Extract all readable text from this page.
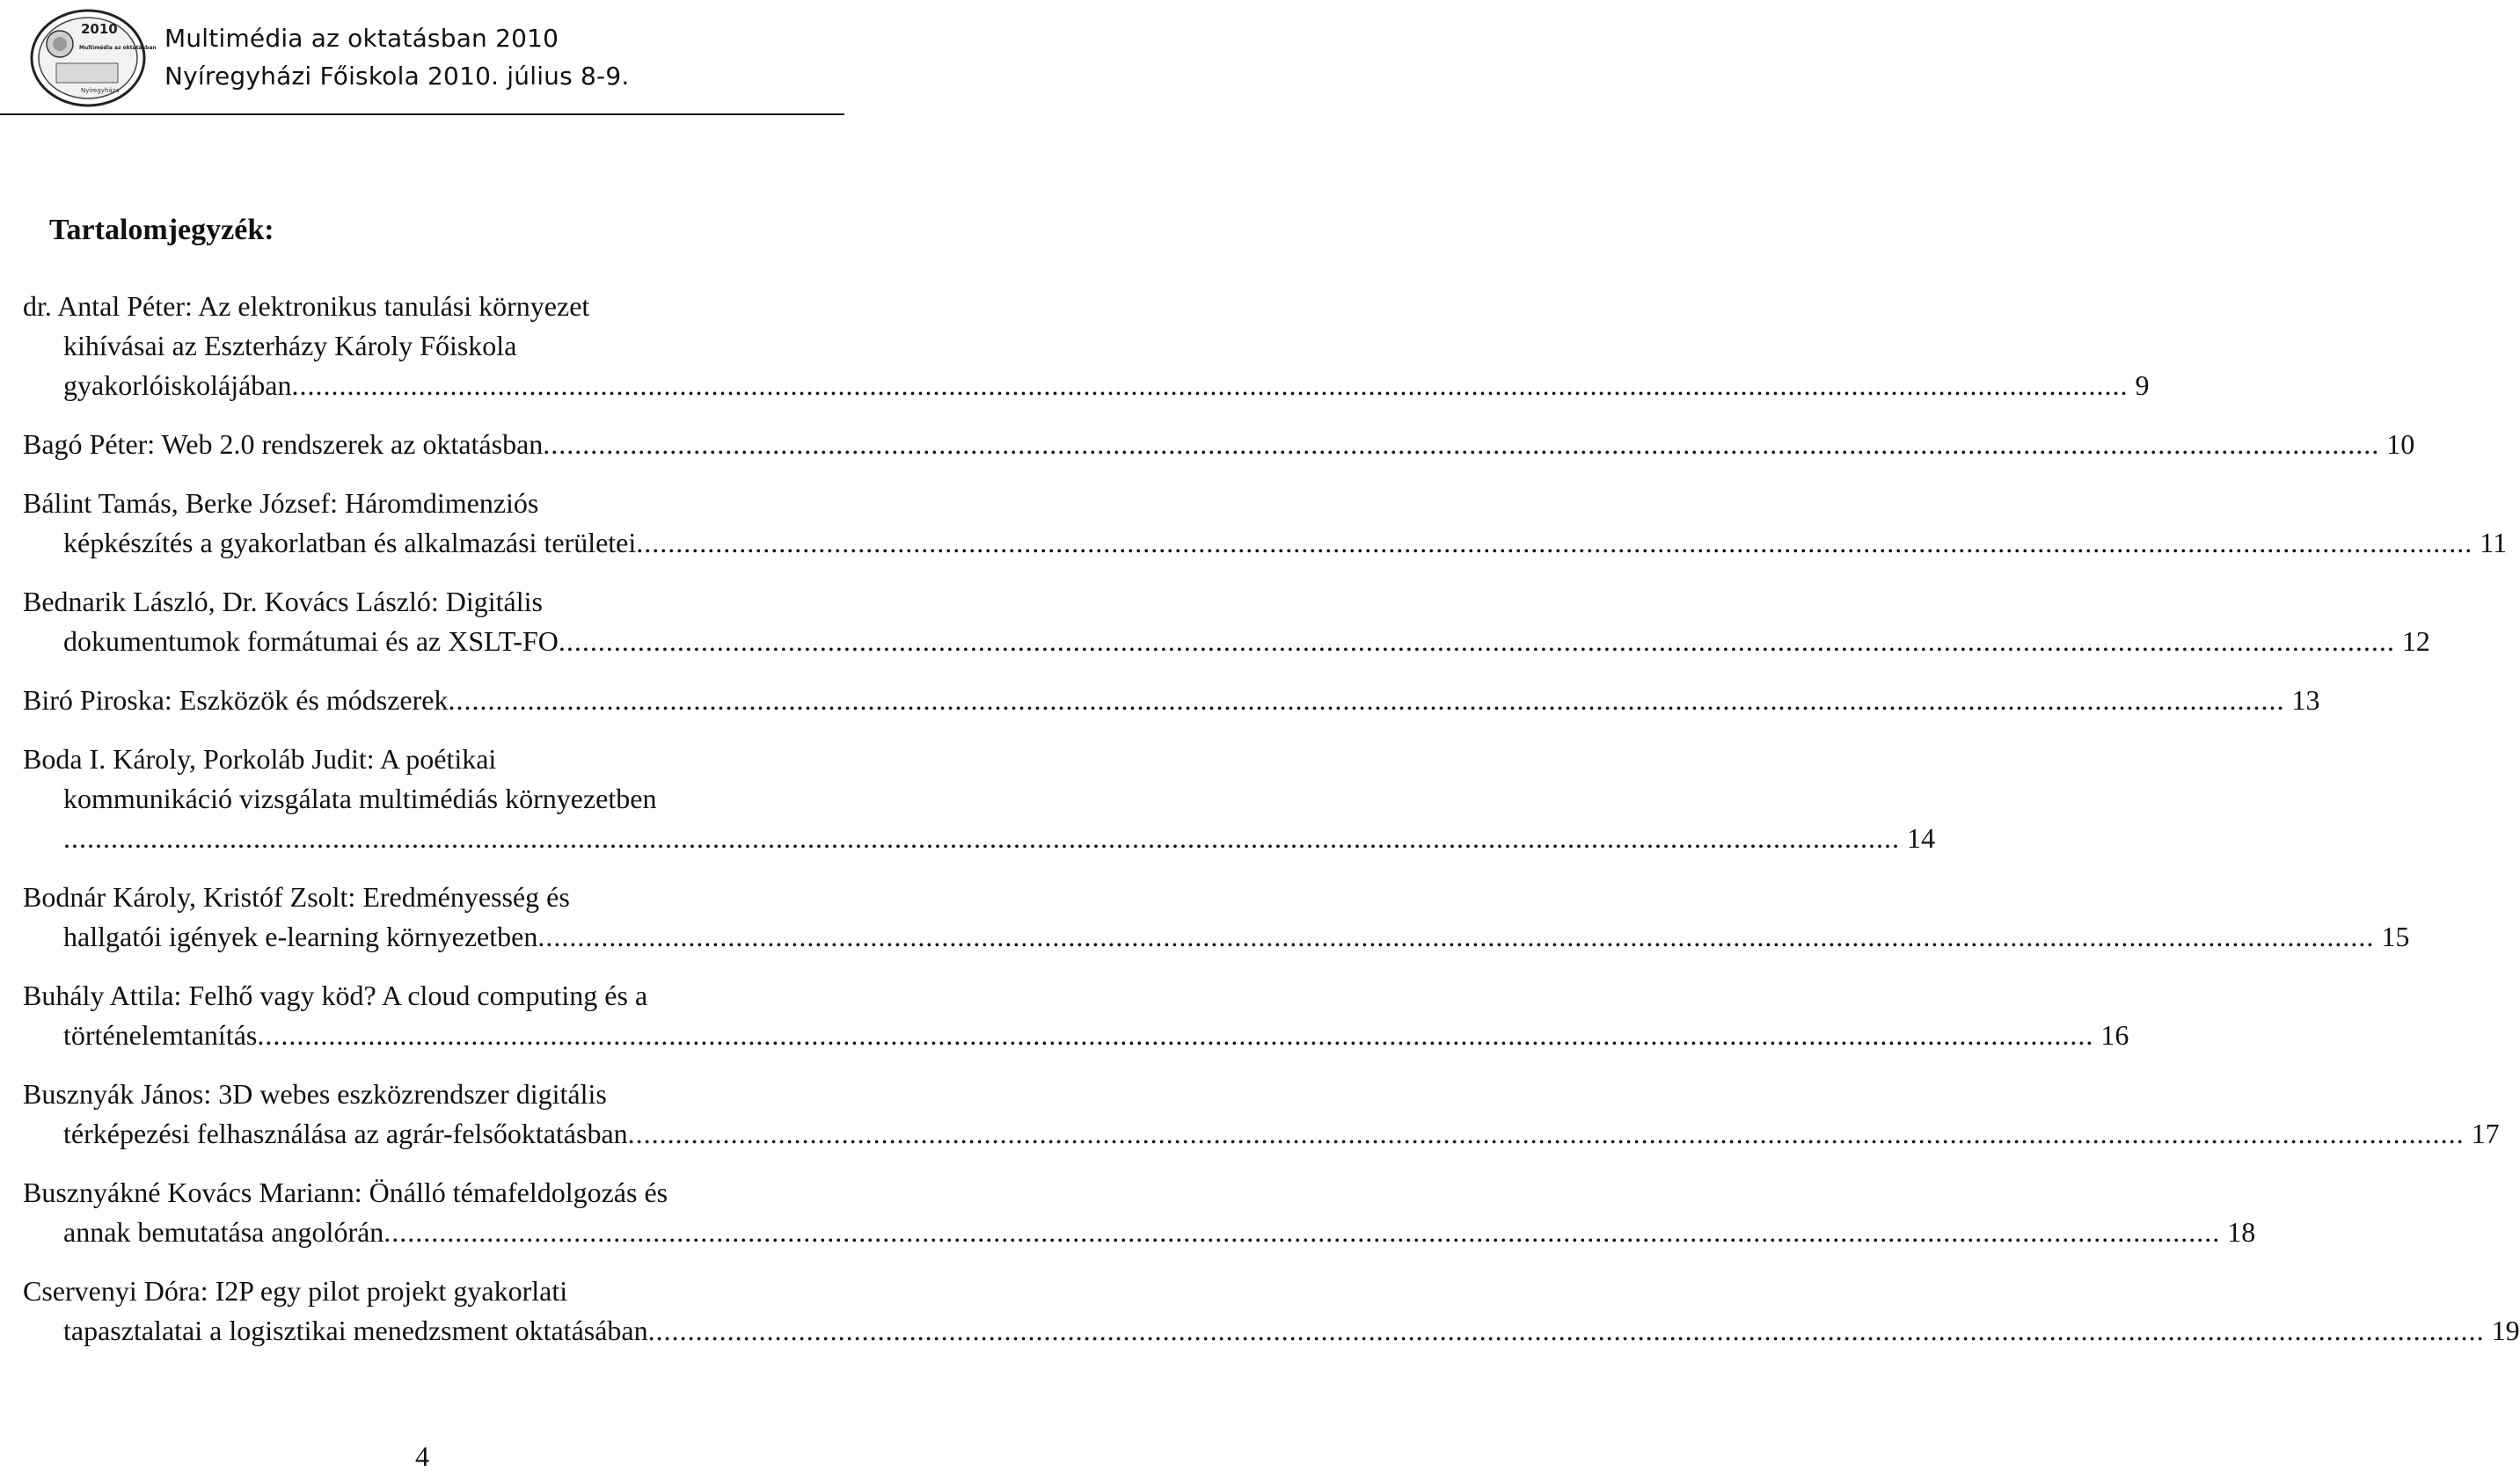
2010
Multimédia az oktatásban
Nyíregyháza
Multimédia az oktatásban 2010
Nyíregyházi Főiskola 2010. július 8-9.
Tartalomjegyzék:
dr. Antal Péter: Az elektronikus tanulási környezet
kihívásai az Eszterházy Károly Főiskola
gyakorlóiskolájában .....	9
Bagó Péter: Web 2.0 rendszerek az oktatásban .....	10
Bálint Tamás, Berke József: Háromdimenziós
képkészítés a gyakorlatban és alkalmazási területei .....	11
Bednarik László, Dr. Kovács László: Digitális
dokumentumok formátumai és az XSLT-FO .....	12
Biró Piroska: Eszközök és módszerek .....	13
Boda I. Károly, Porkoláb Judit: A poétikai
kommunikáció vizsgálata multimédiás környezetben
..... 14
Bodnár Károly, Kristóf Zsolt: Eredményesség és
hallgatói igények e-learning környezetben .....	15
Buhály Attila: Felhő vagy köd? A cloud computing és a
történelemtanítás .....	16
Busznyák János: 3D webes eszközrendszer digitális
térképezési felhasználása az agrár-felsőoktatásban .....	17
Busznyákné Kovács Mariann: Önálló témafeldolgozás és
annak bemutatása angolórán .....	18
Cservenyi Dóra: I2P egy pilot projekt gyakorlati
tapasztalatai a logisztikai menedzsment oktatásában .....	19
4
